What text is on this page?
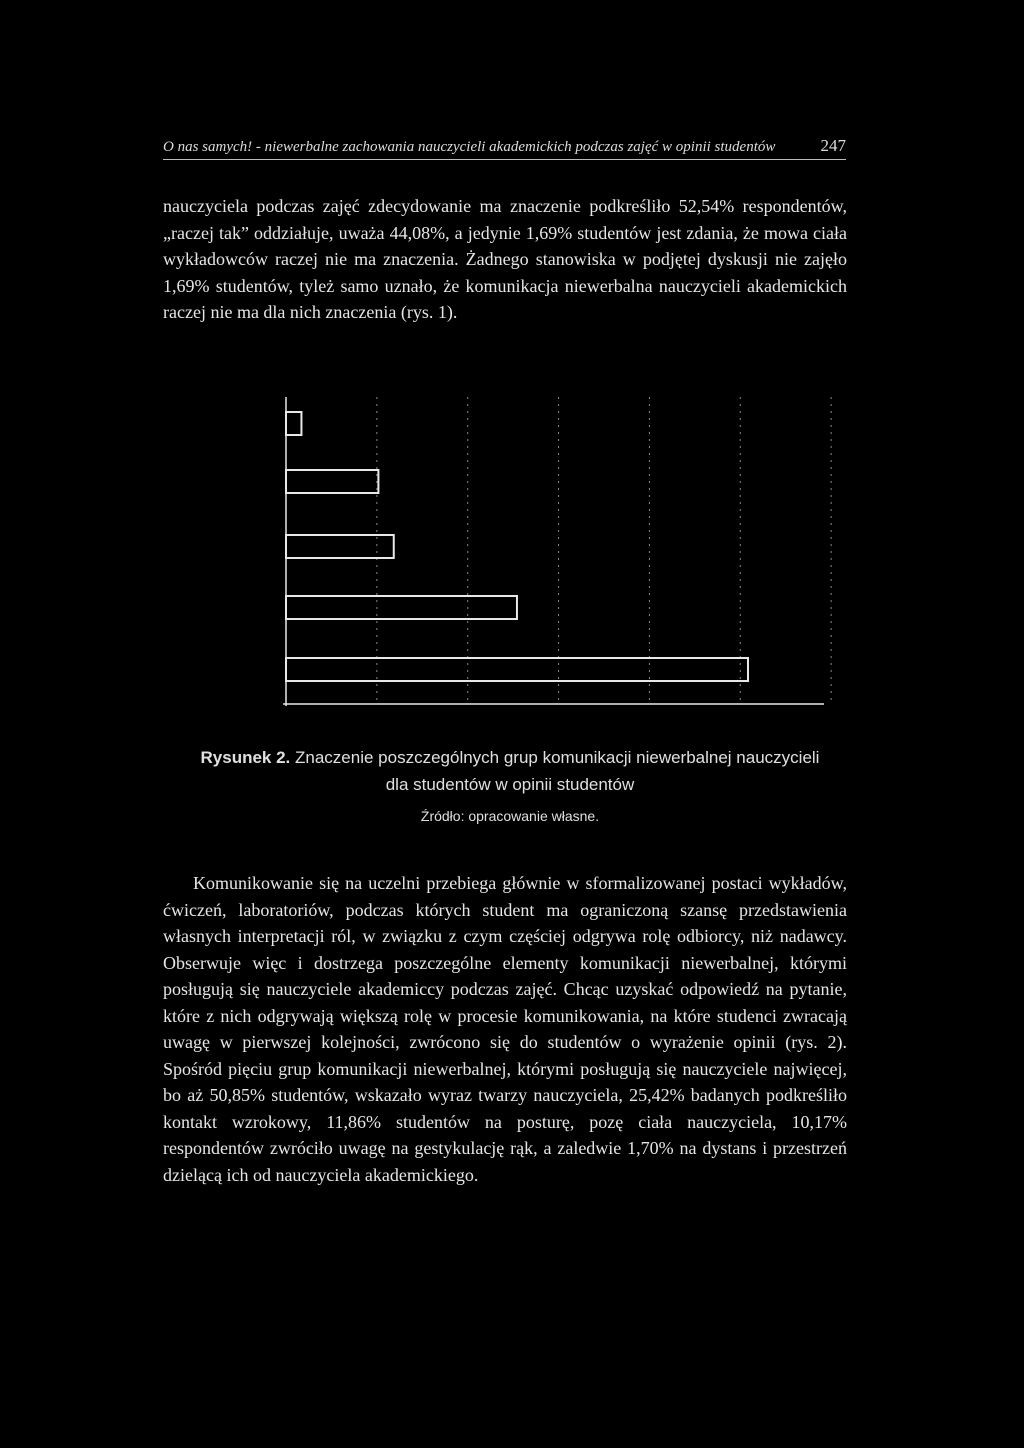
O nas samych! - niewerbalne zachowania nauczycieli akademickich podczas zajęć w opinii studentów	247

nauczyciela podczas zajęć zdecydowanie ma znaczenie podkreśliło 52,54% respondentów, „raczej tak” oddziałuje, uważa 44,08%, a jedynie 1,69% studentów jest zdania, że mowa ciała wykładowców raczej nie ma znaczenia. Żadnego stanowiska w podjętej dyskusji nie zajęło 1,69% studentów, tyleż samo uznało, że komunikacja niewerbalna nauczycieli akademickich raczej nie ma dla nich znaczenia (rys. 1).

Rysunek 2. Znaczenie poszczególnych grup komunikacji niewerbalnej nauczycieli
dla studentów w opinii studentów
Źródło: opracowanie własne.

Komunikowanie się na uczelni przebiega głównie w sformalizowanej postaci wykładów, ćwiczeń, laboratoriów, podczas których student ma ograniczoną szansę przedstawienia własnych interpretacji ról, w związku z czym częściej odgrywa rolę odbiorcy, niż nadawcy. Obserwuje więc i dostrzega poszczególne elementy komunikacji niewerbalnej, którymi posługują się nauczyciele akademiccy podczas zajęć. Chcąc uzyskać odpowiedź na pytanie, które z nich odgrywają większą rolę w procesie komunikowania, na które studenci zwracają uwagę w pierwszej kolejności, zwrócono się do studentów o wyrażenie opinii (rys. 2). Spośród pięciu grup komunikacji niewerbalnej, którymi posługują się nauczyciele najwięcej, bo aż 50,85% studentów, wskazało wyraz twarzy nauczyciela, 25,42% badanych podkreśliło kontakt wzrokowy, 11,86% studentów na posturę, pozę ciała nauczyciela, 10,17% respondentów zwróciło uwagę na gestykulację rąk, a zaledwie 1,70% na dystans i przestrzeń dzielącą ich od nauczyciela akademickiego.
